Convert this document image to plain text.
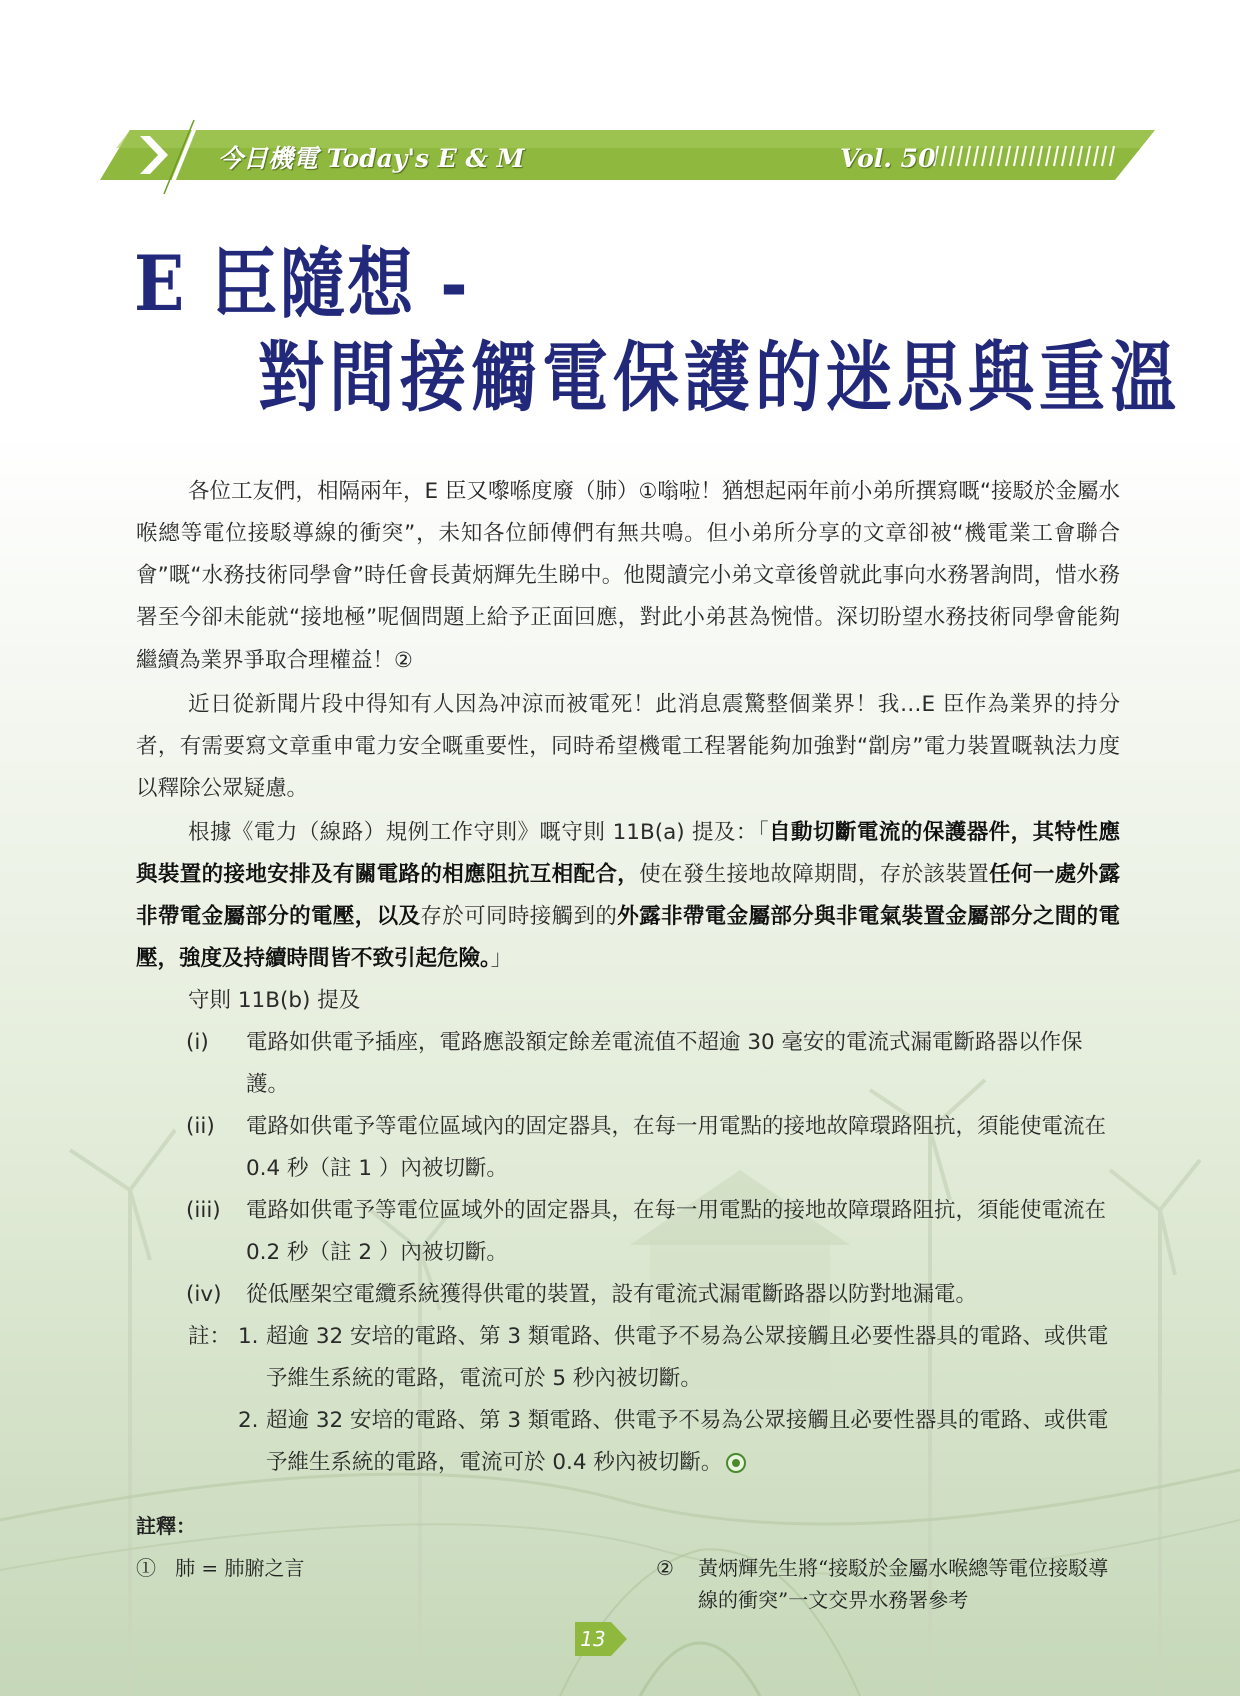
今日機電 Today's E & M	Vol. 50
E 臣隨想 -
對間接觸電保護的迷思與重溫

各位工友們，相隔兩年，E 臣又嚟喺度廢（肺）①嗡啦！猶想起兩年前小弟所撰寫嘅“接駁於金屬水喉總等電位接駁導線的衝突”，未知各位師傅們有無共鳴。但小弟所分享的文章卻被“機電業工會聯合會”嘅“水務技術同學會”時任會長黃炳輝先生睇中。他閱讀完小弟文章後曾就此事向水務署詢問，惜水務署至今卻未能就“接地極”呢個問題上給予正面回應，對此小弟甚為惋惜。深切盼望水務技術同學會能夠繼續為業界爭取合理權益！②

近日從新聞片段中得知有人因為冲涼而被電死！此消息震驚整個業界！我…E 臣作為業界的持分者，有需要寫文章重申電力安全嘅重要性，同時希望機電工程署能夠加強對“劏房”電力裝置嘅執法力度以釋除公眾疑慮。

根據《電力（線路）規例工作守則》嘅守則 11B(a) 提及：「自動切斷電流的保護器件，其特性應與裝置的接地安排及有關電路的相應阻抗互相配合，使在發生接地故障期間，存於該裝置任何一處外露非帶電金屬部分的電壓，以及存於可同時接觸到的外露非帶電金屬部分與非電氣裝置金屬部分之間的電壓，強度及持續時間皆不致引起危險。」

守則 11B(b) 提及

(i)	電路如供電予插座，電路應設額定餘差電流值不超逾 30 毫安的電流式漏電斷路器以作保護。
(ii)	電路如供電予等電位區域內的固定器具，在每一用電點的接地故障環路阻抗，須能使電流在 0.4 秒（註 1 ）內被切斷。
(iii)	電路如供電予等電位區域外的固定器具，在每一用電點的接地故障環路阻抗，須能使電流在 0.2 秒（註 2 ）內被切斷。
(iv)	從低壓架空電纜系統獲得供電的裝置，設有電流式漏電斷路器以防對地漏電。
註： 1. 超逾 32 安培的電路、第 3 類電路、供電予不易為公眾接觸且必要性器具的電路、或供電予維生系統的電路，電流可於 5 秒內被切斷。
2. 超逾 32 安培的電路、第 3 類電路、供電予不易為公眾接觸且必要性器具的電路、或供電予維生系統的電路，電流可於 0.4 秒內被切斷。
註釋：
① 肺 = 肺腑之言	②	黃炳輝先生將“接駁於金屬水喉總等電位接駁導線的衝突”一文交畀水務署參考
13
